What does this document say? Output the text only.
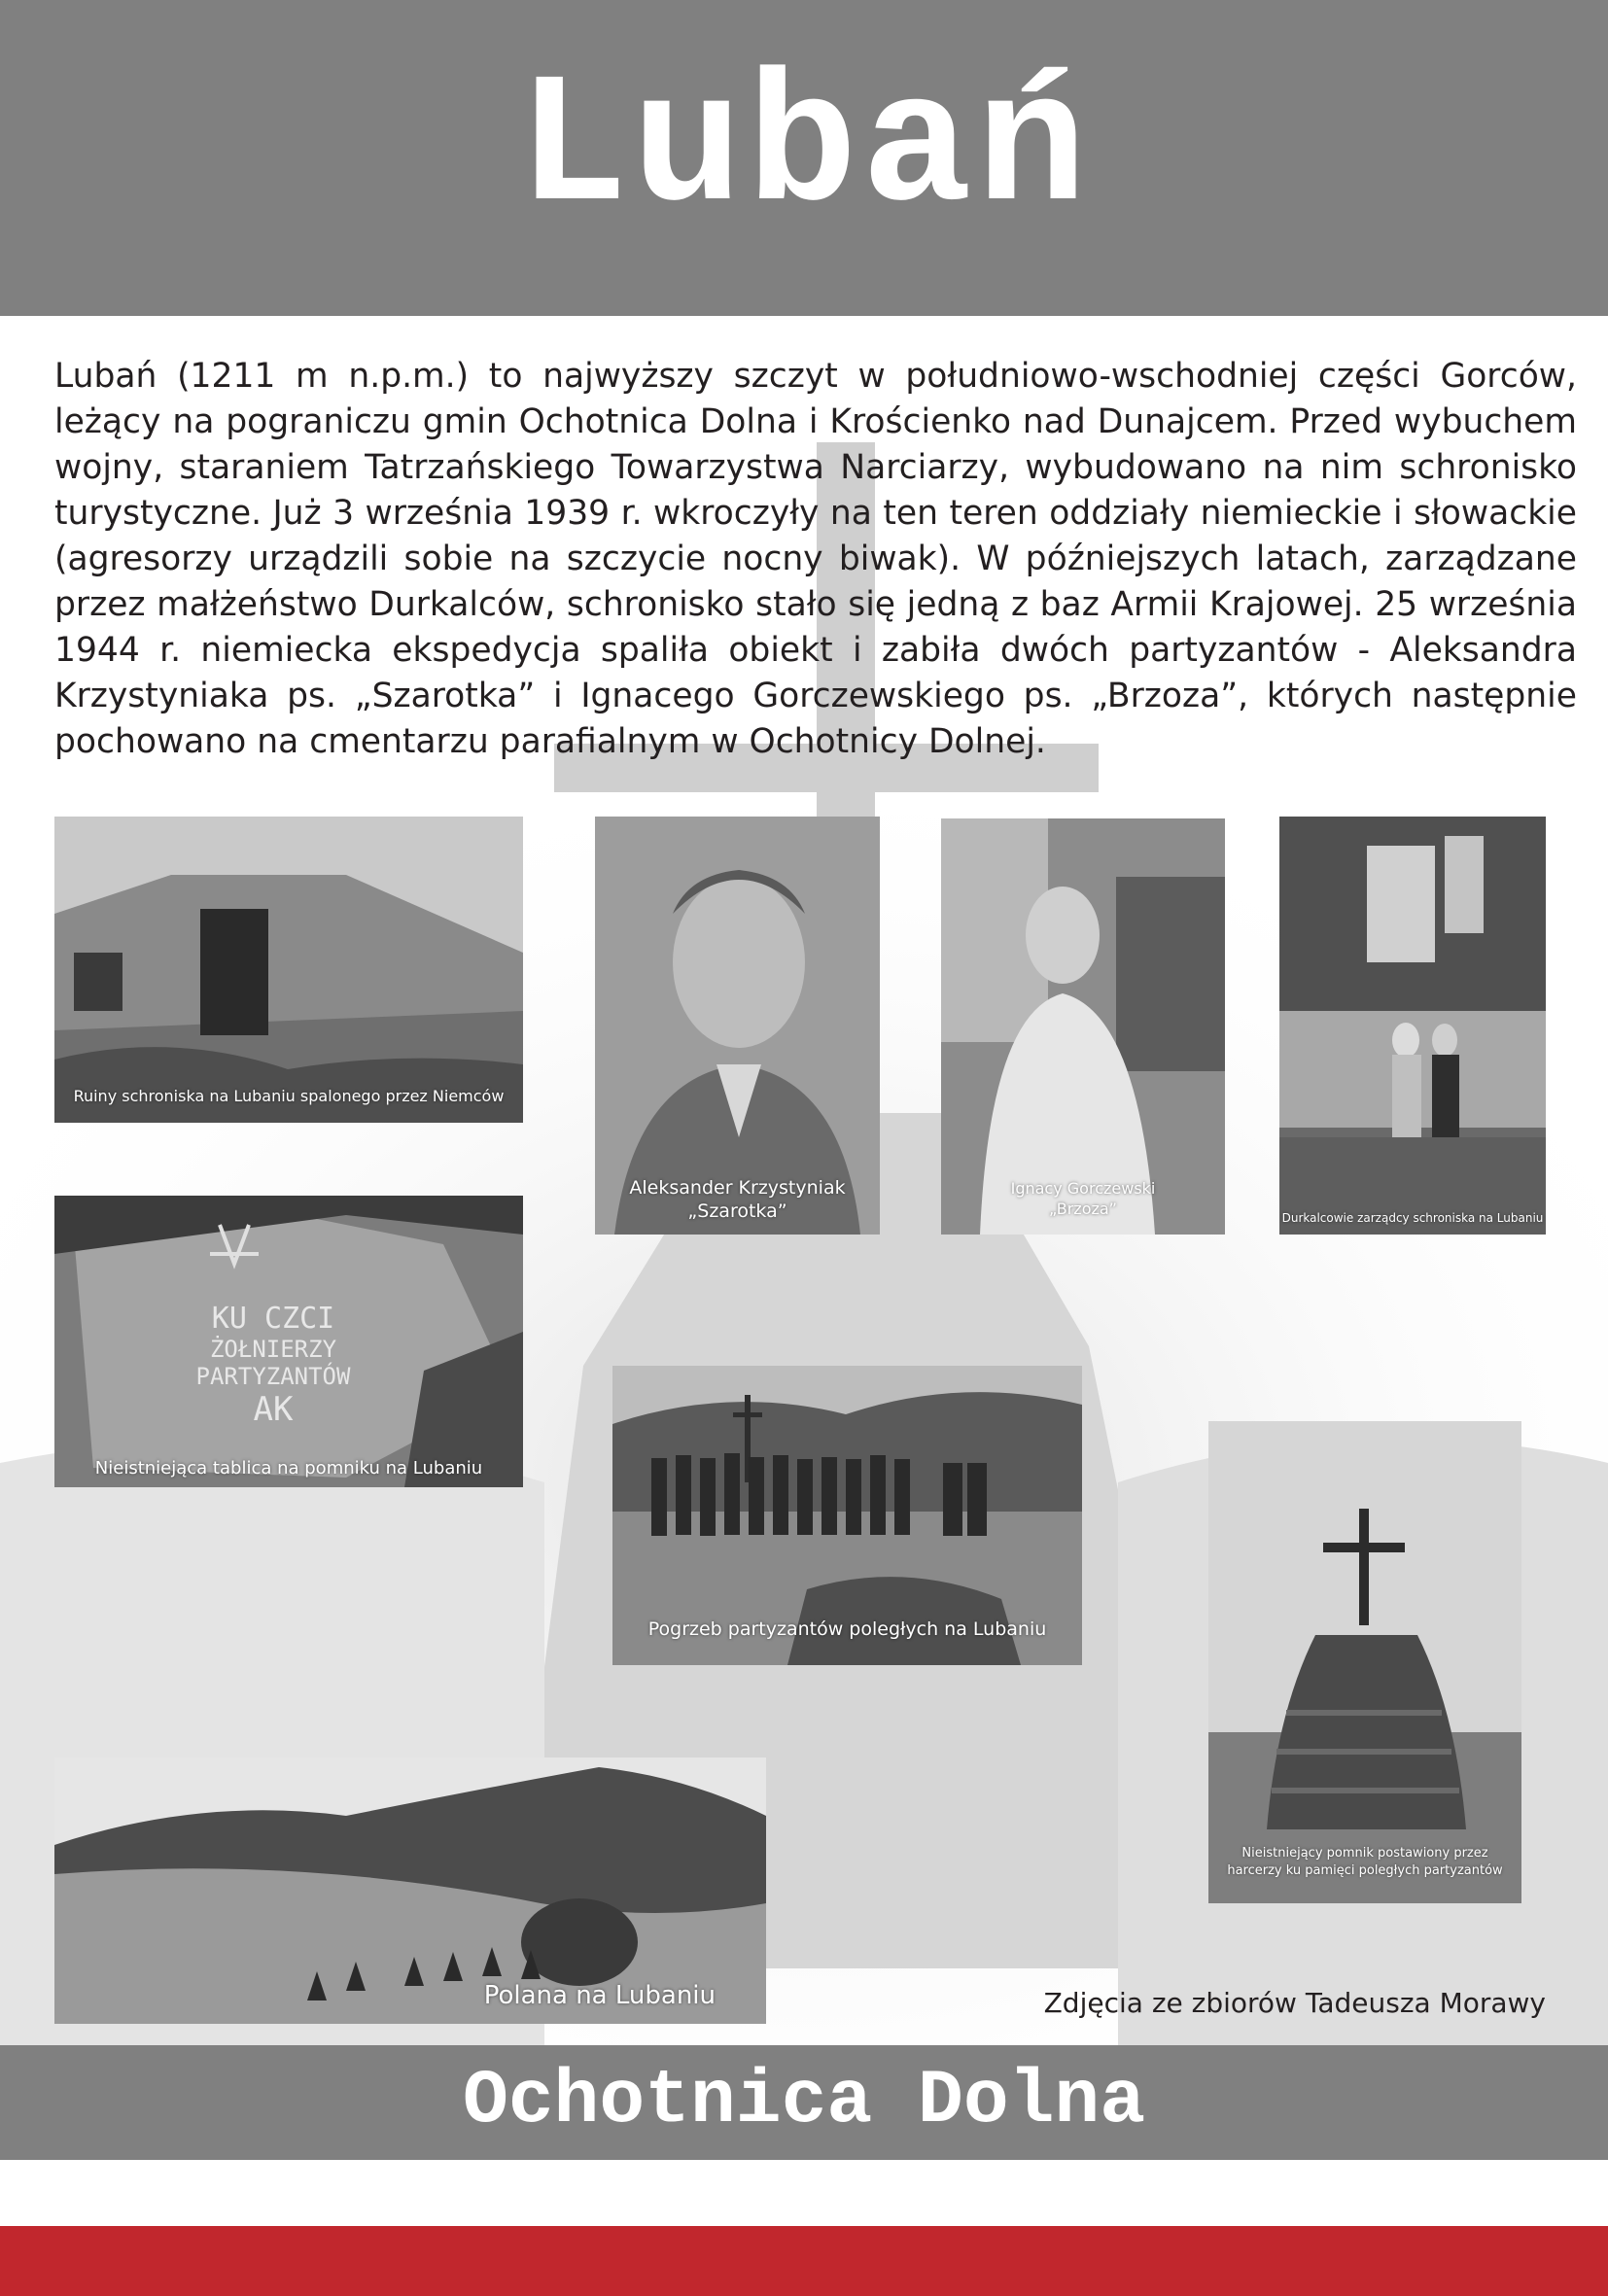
Lubań

Lubań (1211 m n.p.m.) to najwyższy szczyt w południowo-wschodniej części Gorców, leżący na pograniczu gmin Ochotnica Dolna i Krościenko nad Dunajcem. Przed wybuchem wojny, staraniem Tatrzańskiego Towarzystwa Narciarzy, wybudowano na nim schronisko turystyczne. Już 3 września 1939 r. wkroczyły na ten teren oddziały niemieckie i słowackie (agresorzy urządzili sobie na szczycie nocny biwak). W późniejszych latach, zarządzane przez małżeństwo Durkalców, schronisko stało się jedną z baz Armii Krajowej. 25 września 1944 r. niemiecka ekspedycja spaliła obiekt i zabiła dwóch partyzantów - Aleksandra Krzystyniaka ps. „Szarotka” i Ignacego Gorczewskiego ps. „Brzoza”, których następnie pochowano na cmentarzu parafialnym w Ochotnicy Dolnej.

Ruiny schroniska na Lubaniu spalonego przez Niemców
Aleksander Krzystyniak
„Szarotka”
Ignacy Gorczewski
„Brzoza”	Durkalcowie zarządcy schroniska na Lubaniu
KU CZCI
ŻOŁNIERZY
PARTYZANTÓW
AK
Nieistniejąca tablica na pomniku na Lubaniu
Pogrzeb partyzantów poległych na Lubaniu
Nieistniejący pomnik postawiony przez
harcerzy ku pamięci poległych partyzantów
Polana na Lubaniu	Zdjęcia ze zbiorów Tadeusza Morawy
Ochotnica Dolna
